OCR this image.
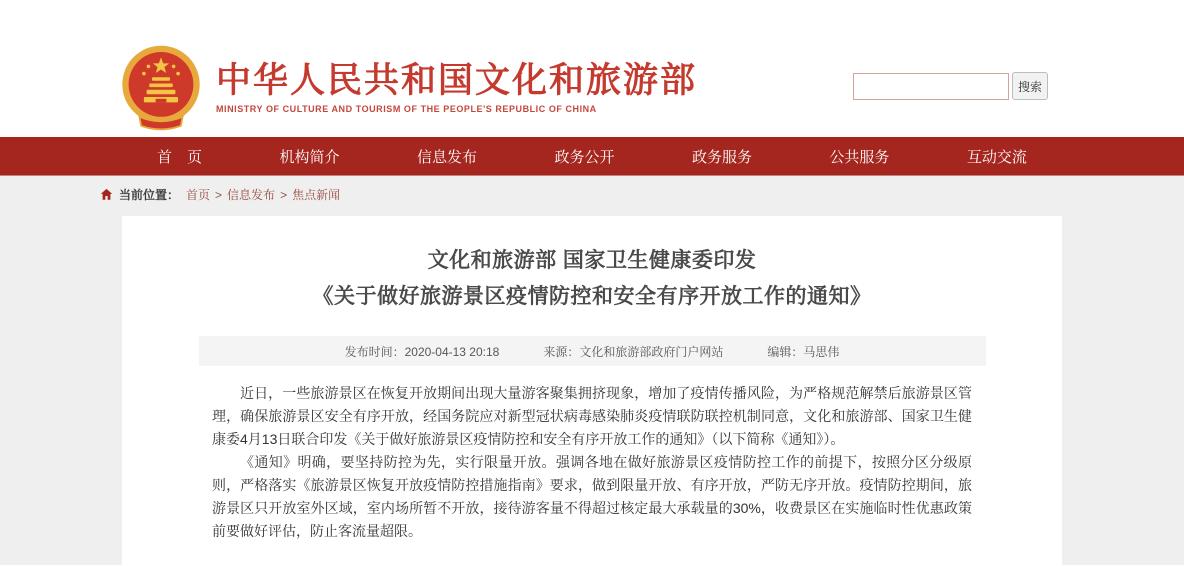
中华人民共和国文化和旅游部
MINISTRY OF CULTURE AND TOURISM OF THE PEOPLE'S REPUBLIC OF CHINA
搜索
首　页	机构简介	信息发布	政务公开	政务服务	公共服务	互动交流
当前位置： 首页 > 信息发布 > 焦点新闻
文化和旅游部 国家卫生健康委印发
《关于做好旅游景区疫情防控和安全有序开放工作的通知》
发布时间：2020-04-13 20:18	来源：文化和旅游部政府门户网站	编辑：马思伟

近日，一些旅游景区在恢复开放期间出现大量游客聚集拥挤现象，增加了疫情传播风险，为严格规范解禁后旅游景区管理，确保旅游景区安全有序开放，经国务院应对新型冠状病毒感染肺炎疫情联防联控机制同意，文化和旅游部、国家卫生健康委4月13日联合印发《关于做好旅游景区疫情防控和安全有序开放工作的通知》（以下简称《通知》）。

《通知》明确，要坚持防控为先，实行限量开放。强调各地在做好旅游景区疫情防控工作的前提下，按照分区分级原则，严格落实《旅游景区恢复开放疫情防控措施指南》要求，做到限量开放、有序开放，严防无序开放。疫情防控期间，旅游景区只开放室外区域，室内场所暂不开放，接待游客量不得超过核定最大承载量的30%，收费景区在实施临时性优惠政策前要做好评估，防止客流量超限。
